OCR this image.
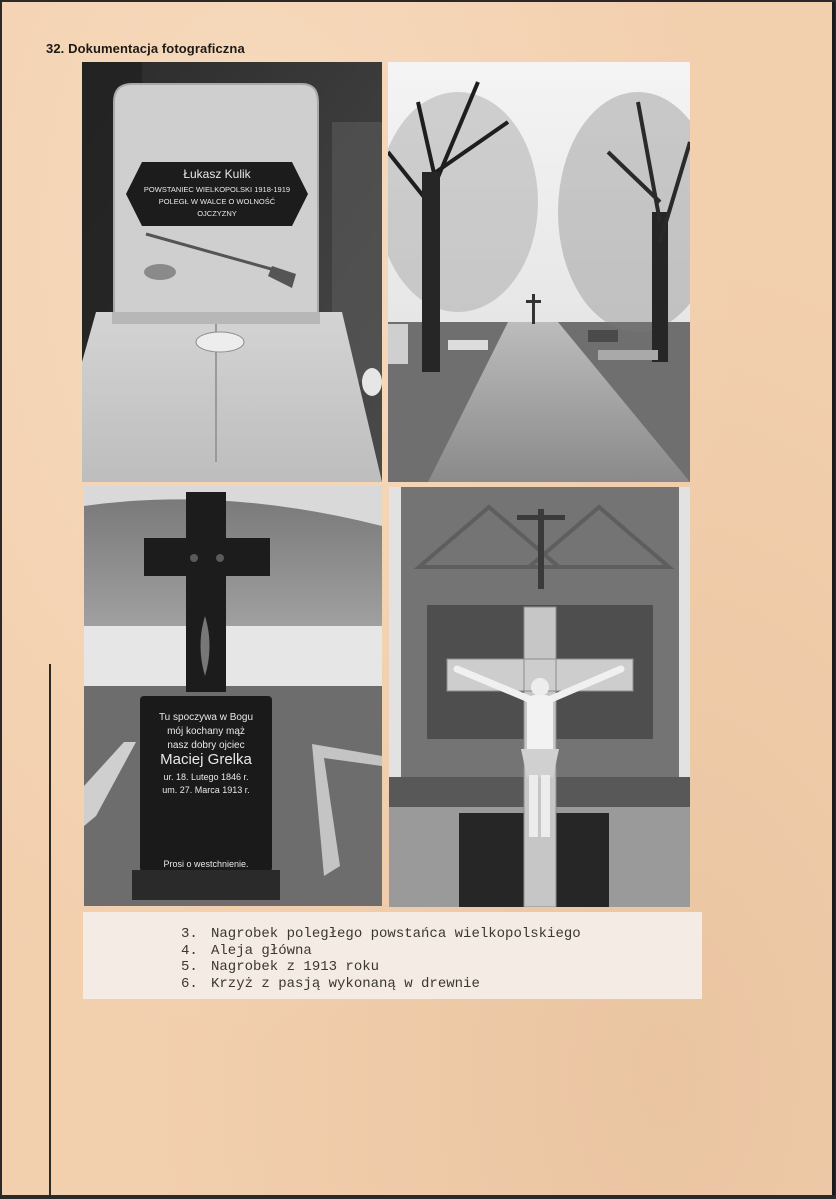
32. Dokumentacja fotograficzna
Łukasz Kulik
POWSTANIEC WIELKOPOLSKI 1918-1919
POLEGŁ W WALCE O WOLNOŚĆ
OJCZYZNY
Tu spoczywa w Bogu
mój kochany mąż
nasz dobry ojciec
Maciej Grelka
ur. 18. Lutego 1846 r.
um. 27. Marca 1913 r.
Prosi o westchnienie.
3. Nagrobek poległego powstańca wielkopolskiego
4. Aleja główna
5. Nagrobek z 1913 roku
6. Krzyż z pasją wykonaną w drewnie
